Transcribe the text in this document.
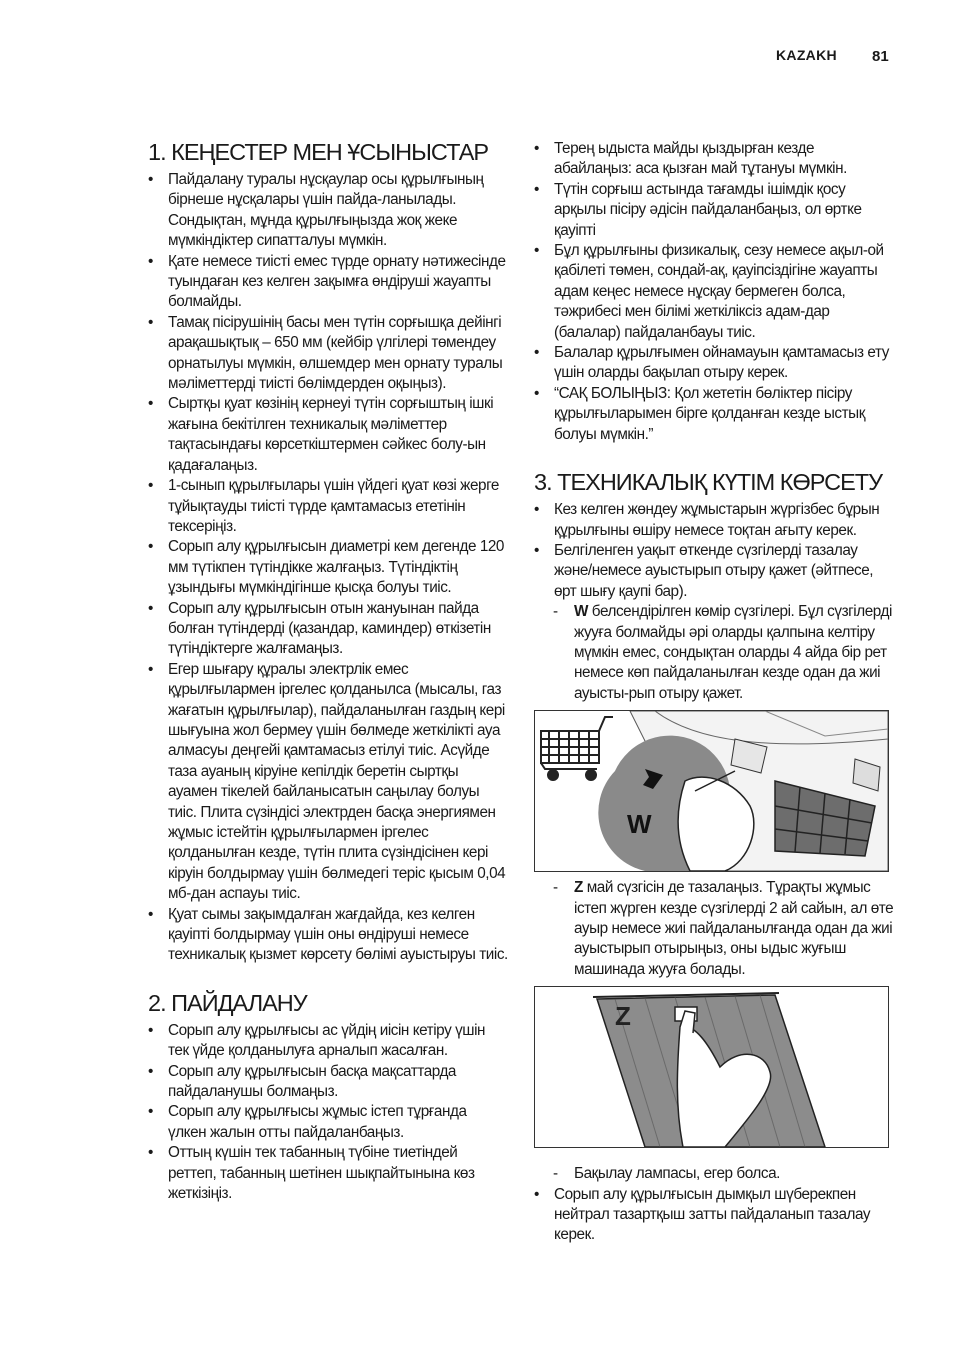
KAZAKH 81
1. КЕҢЕСТЕР МЕН ҰСЫНЫСТАР
• Пайдалану туралы нұсқаулар осы құрылғының бірнеше нұсқалары үшін пайда-ланылады. Сондықтан, мұнда құрылғыңызда жоқ жеке мүмкіндіктер сипатталуы мүмкін.
• Қате немесе тиісті емес түрде орнату нәтижесінде туындаған кез келген зақымға өндіруші жауапты болмайды.
• Тамақ пісірушінің басы мен түтін сорғышқа дейінгі арақашықтық – 650 мм (кейбір үлгілері төмендеу орнатылуы мүмкін, өлшемдер мен орнату туралы мәліметтерді тиісті бөлімдерден оқыңыз).
• Сыртқы қуат көзінің кернеуі түтін сорғыштың ішкі жағына бекітілген техникалық мәліметтер тақтасындағы көрсеткіштермен сәйкес болу-ын қадағалаңыз.
• 1-сынып құрылғылары үшін үйдегі қуат көзі жерге тұйықтауды тиісті түрде қамтамасыз ететінін тексеріңіз.
• Сорып алу құрылғысын диаметрі кем дегенде 120 мм түтікпен түтіндікке жалғаңыз. Түтіндіктің ұзындығы мүмкіндігінше қысқа болуы тиіс.
• Сорып алу құрылғысын отын жануынан пайда болған түтіндерді (қазандар, каминдер) өткізетін түтіндіктерге жалғамаңыз.
• Егер шығару құралы электрлік емес құрылғылармен іргелес қолданылса (мысалы, газ жағатын құрылғылар), пайдаланылған газдың кері шығуына жол бермеу үшін бөлмеде жеткілікті ауа алмасуы деңгейі қамтамасыз етілуі тиіс. Асүйде таза ауаның кіруіне кепілдік беретін сыртқы ауамен тікелей байланысатын саңылау болуы тиіс. Плита сүзіндісі электрден басқа энергиямен жұмыс істейтін құрылғылармен іргелес қолданылған кезде, түтін плита сүзіндісінен кері кіруін болдырмау үшін бөлмедегі теріс қысым 0,04 мб-дан аспауы тиіс.
• Қуат сымы зақымдалған жағдайда, кез келген қауіпті болдырмау үшін оны өндіруші немесе техникалық қызмет көрсету бөлімі ауыстыруы тиіс.
2. ПАЙДАЛАНУ
• Сорып алу құрылғысы ас үйдің иісін кетіру үшін тек үйде қолданылуға арналып жасалған.
• Сорып алу құрылғысын басқа мақсаттарда пайдаланушы болмаңыз.
• Сорып алу құрылғысы жұмыс істеп тұрғанда үлкен жалын отты пайдаланбаңыз.
• Оттың күшін тек табанның түбіне тиетіндей реттеп, табанның шетінен шықпайтынына көз жеткізіңіз.
• Терең ыдыста майды қыздырған кезде абайлаңыз: аса қызған май тұтануы мүмкін.
• Түтін сорғыш астында тағамды ішімдік қосу арқылы пісіру әдісін пайдаланбаңыз, ол өртке қауіпті
• Бұл құрылғыны физикалық, сезу немесе ақыл-ой қабілеті төмен, сондай-ақ, қауіпсіздігіне жауапты адам кеңес немесе нұсқау бермеген болса, тәжрибесі мен білімі жеткіліксіз адам-дар (балалар) пайдаланбауы тиіс.
• Балалар құрылғымен ойнамауын қамтамасыз ету үшін оларды бақылап отыру керек.
• “САҚ БОЛЫҢЫЗ: Қол жететін бөліктер пісіру құрылғыларымен бірге қолданған кезде ыстық болуы мүмкін.”
3. ТЕХНИКАЛЫҚ КҮТІМ КӨРСЕТУ
• Кез келген жөндеу жұмыстарын жүргізбес бұрын құрылғыны өшіру немесе тоқтан ағыту керек.
• Белгіленген уақыт өткенде сүзгілерді тазалау және/немесе ауыстырып отыру қажет (әйтпесе, өрт шығу қаупі бар).
- W белсендірілген көмір сүзгілері. Бұл сүзгілерді жууға болмайды әрі оларды қалпына келтіру мүмкін емес, сондықтан оларды 4 айда бір рет немесе көп пайдаланылған кезде одан да жиі ауысты-рып отыру қажет.
W
- Z май сүзгісін де тазалаңыз. Тұрақты жұмыс істеп жүрген кезде сүзгілерді 2 ай сайын, ал өте ауыр немесе жиі пайдаланылғанда одан да жиі ауыстырып отырыңыз, оны ыдыс жуғыш машинада жууға болады.
Z
- Бақылау лампасы, егер болса.
• Сорып алу құрылғысын дымқыл шүберекпен нейтрал тазартқыш затты пайдаланып тазалау керек.
